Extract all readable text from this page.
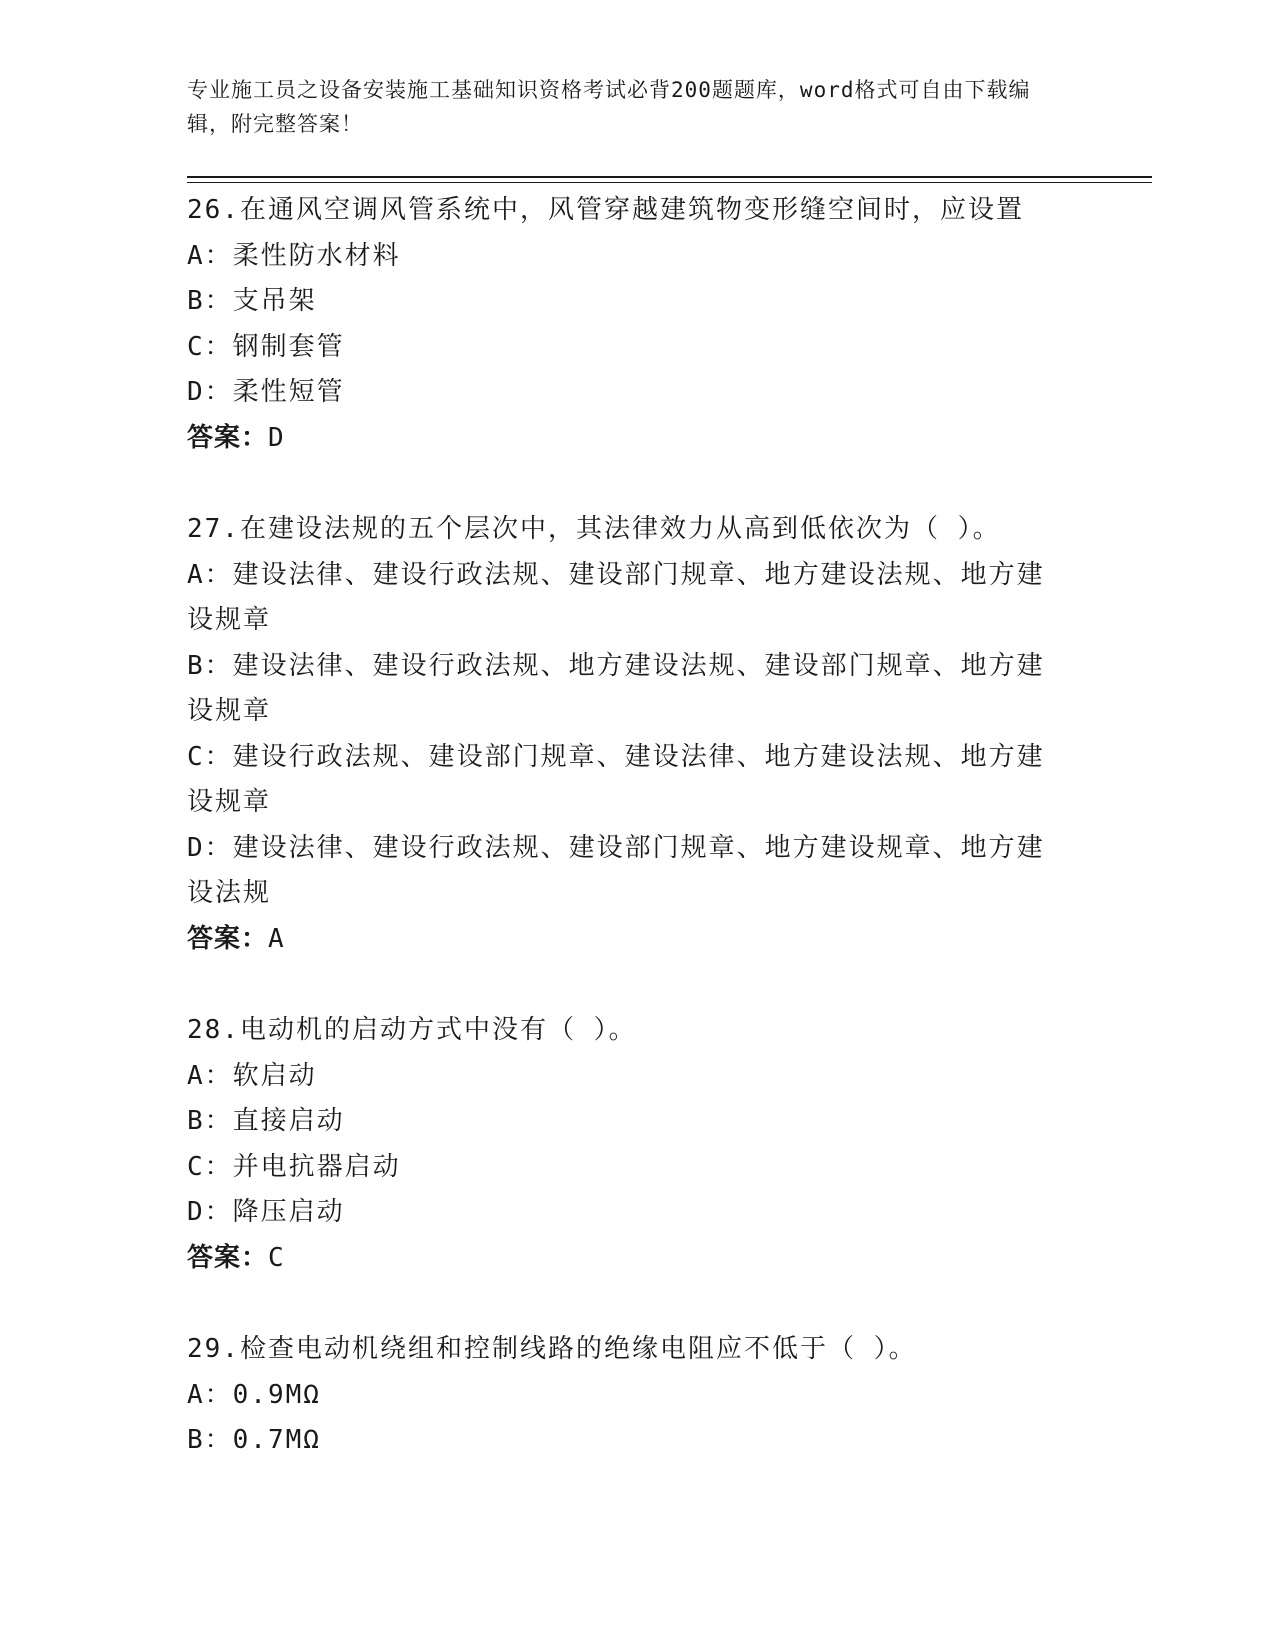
专业施工员之设备安装施工基础知识资格考试必背200题题库，word格式可自由下载编辑，附完整答案！

26.在通风空调风管系统中，风管穿越建筑物变形缝空间时，应设置

A：柔性防水材料

B：支吊架

C：钢制套管

D：柔性短管

答案：D

27.在建设法规的五个层次中，其法律效力从高到低依次为（ ）。

A：建设法律、建设行政法规、建设部门规章、地方建设法规、地方建设规章

B：建设法律、建设行政法规、地方建设法规、建设部门规章、地方建设规章

C：建设行政法规、建设部门规章、建设法律、地方建设法规、地方建设规章

D：建设法律、建设行政法规、建设部门规章、地方建设规章、地方建设法规

答案：A

28.电动机的启动方式中没有（ ）。

A：软启动

B：直接启动

C：并电抗器启动

D：降压启动

答案：C

29.检查电动机绕组和控制线路的绝缘电阻应不低于（ ）。

A：0.9MΩ

B：0.7MΩ
